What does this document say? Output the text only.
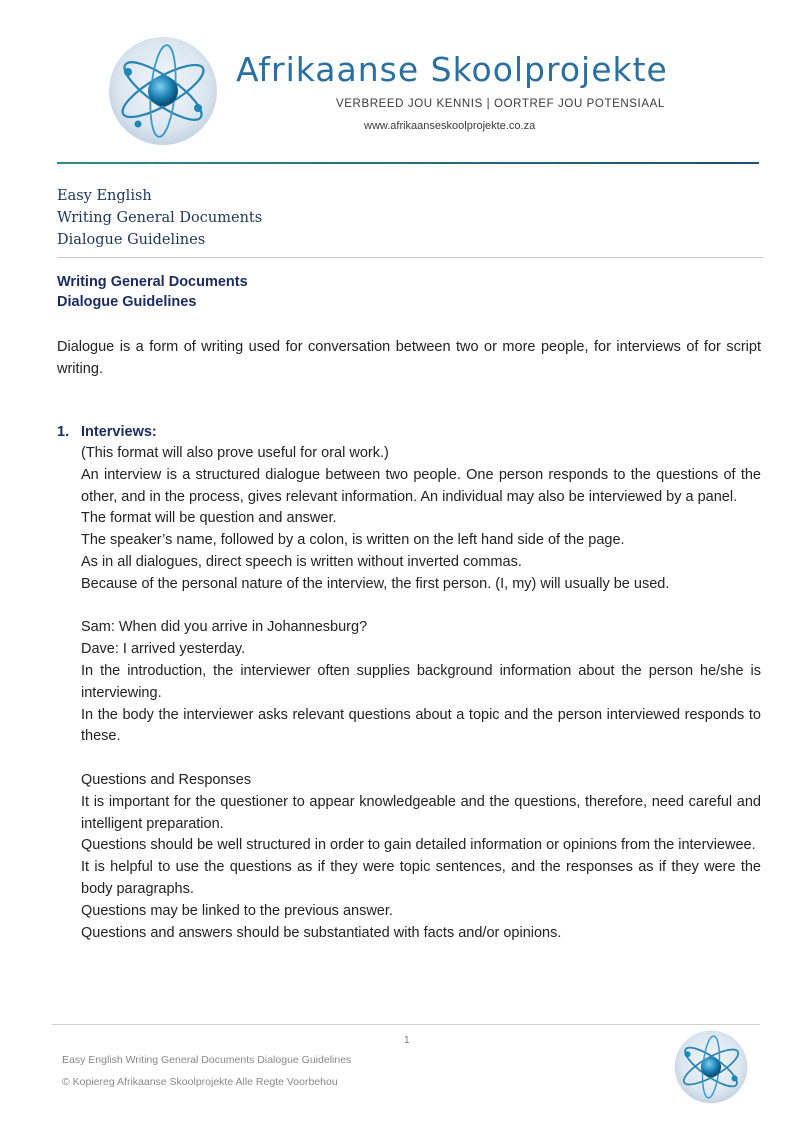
Afrikaanse Skoolprojekte
VERBREED JOU KENNIS | OORTREF JOU POTENSIAAL
www.afrikaanseskoolprojekte.co.za
Easy English
Writing General Documents
Dialogue Guidelines
Writing General Documents
Dialogue Guidelines
Dialogue is a form of writing used for conversation between two or more people, for interviews of for script writing.
1. Interviews:

(This format will also prove useful for oral work.)

An interview is a structured dialogue between two people. One person responds to the questions of the other, and in the process, gives relevant information. An individual may also be interviewed by a panel.

The format will be question and answer.

The speaker’s name, followed by a colon, is written on the left hand side of the page.

As in all dialogues, direct speech is written without inverted commas.

Because of the personal nature of the interview, the first person. (I, my) will usually be used.

Sam: When did you arrive in Johannesburg?

Dave: I arrived yesterday.

In the introduction, the interviewer often supplies background information about the person he/she is interviewing.

In the body the interviewer asks relevant questions about a topic and the person interviewed responds to these.

Questions and Responses

It is important for the questioner to appear knowledgeable and the questions, therefore, need careful and intelligent preparation.

Questions should be well structured in order to gain detailed information or opinions from the interviewee.

It is helpful to use the questions as if they were topic sentences, and the responses as if they were the body paragraphs.

Questions may be linked to the previous answer.

Questions and answers should be substantiated with facts and/or opinions.

1
Easy English Writing General Documents Dialogue Guidelines
© Kopiereg Afrikaanse Skoolprojekte Alle Regte Voorbehou
